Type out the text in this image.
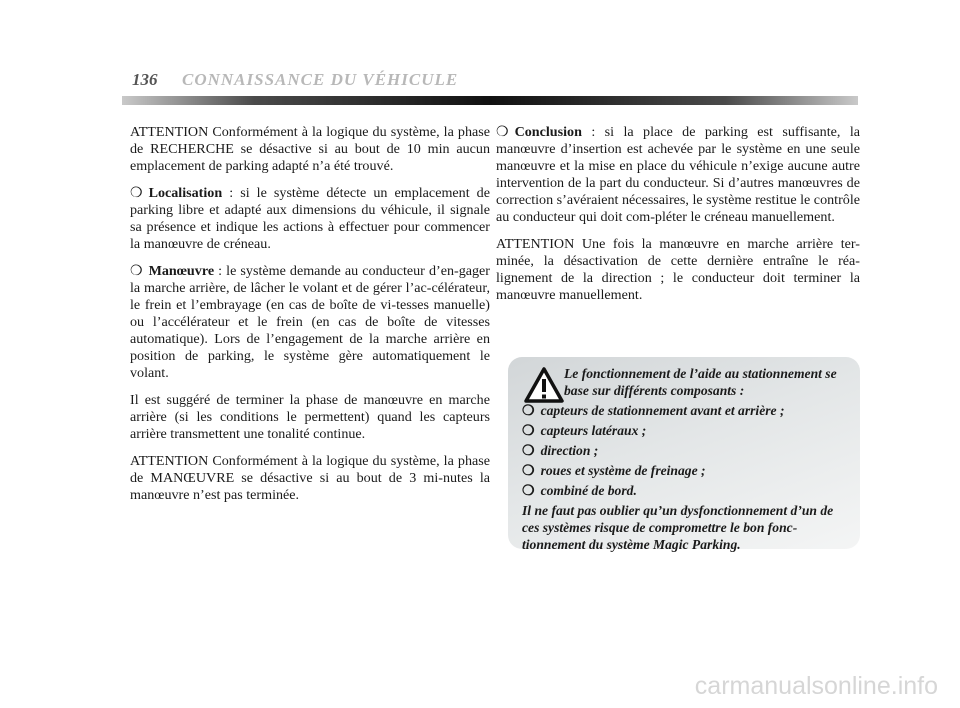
136 CONNAISSANCE DU VÉHICULE

ATTENTION Conformément à la logique du système, la phase de RECHERCHE se désactive si au bout de 10 min aucun emplacement de parking adapté n’a été trouvé.

❍ Localisation : si le système détecte un emplacement de parking libre et adapté aux dimensions du véhicule, il signale sa présence et indique les actions à effectuer pour commencer la manœuvre de créneau.

❍ Manœuvre : le système demande au conducteur d’en-gager la marche arrière, de lâcher le volant et de gérer l’ac-célérateur, le frein et l’embrayage (en cas de boîte de vi-tesses manuelle) ou l’accélérateur et le frein (en cas de boîte de vitesses automatique). Lors de l’engagement de la marche arrière en position de parking, le système gère automatiquement le volant.

Il est suggéré de terminer la phase de manœuvre en marche arrière (si les conditions le permettent) quand les capteurs arrière transmettent une tonalité continue.

ATTENTION Conformément à la logique du système, la phase de MANŒUVRE se désactive si au bout de 3 mi-nutes la manœuvre n’est pas terminée.

❍ Conclusion : si la place de parking est suffisante, la manœuvre d’insertion est achevée par le système en une seule manœuvre et la mise en place du véhicule n’exige aucune autre intervention de la part du conducteur. Si d’autres manœuvres de correction s’avéraient nécessaires, le système restitue le contrôle au conducteur qui doit com-pléter le créneau manuellement.

ATTENTION Une fois la manœuvre en marche arrière ter-minée, la désactivation de cette dernière entraîne le réa-lignement de la direction ; le conducteur doit terminer la manœuvre manuellement.

Le fonctionnement de l’aide au stationnement se base sur différents composants :

❍ capteurs de stationnement avant et arrière ;
❍ capteurs latéraux ;
❍ direction ;
❍ roues et système de freinage ;
❍ combiné de bord.

Il ne faut pas oublier qu’un dysfonctionnement d’un de ces systèmes risque de compromettre le bon fonc-tionnement du système Magic Parking.

carmanualsonline.info
